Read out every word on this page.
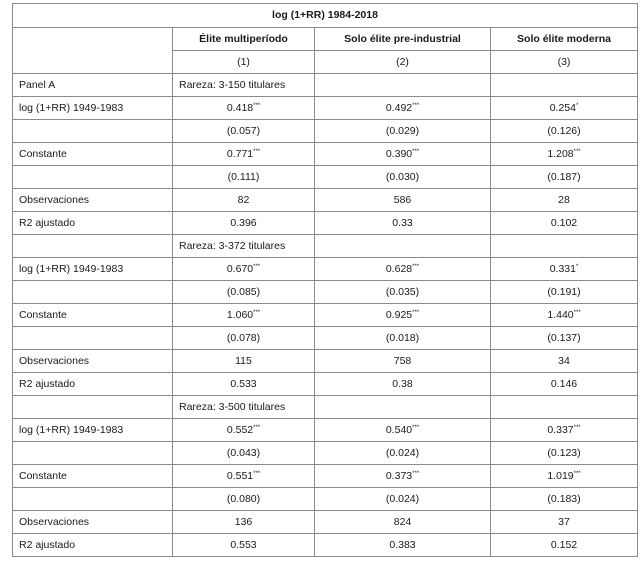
log (1+RR) 1984-2018			
	Élite multiperíodo	Solo élite pre-industrial	Solo élite moderna
	(1)	(2)	(3)
Panel A	Rareza: 3-150 titulares		
log (1+RR) 1949-1983	0.418***	0.492***	0.254*
	(0.057)	(0.029)	(0.126)
Constante	0.771***	0.390***	1.208***
	(0.111)	(0.030)	(0.187)
Observaciones	82	586	28
R2 ajustado	0.396	0.33	0.102
	Rareza: 3-372 titulares		
log (1+RR) 1949-1983	0.670***	0.628***	0.331*
	(0.085)	(0.035)	(0.191)
Constante	1.060***	0.925***	1.440***
	(0.078)	(0.018)	(0.137)
Observaciones	115	758	34
R2 ajustado	0.533	0.38	0.146
	Rareza: 3-500 titulares		
log (1+RR) 1949-1983	0.552***	0.540***	0.337***
	(0.043)	(0.024)	(0.123)
Constante	0.551***	0.373***	1.019***
	(0.080)	(0.024)	(0.183)
Observaciones	136	824	37
R2 ajustado	0.553	0.383	0.152
